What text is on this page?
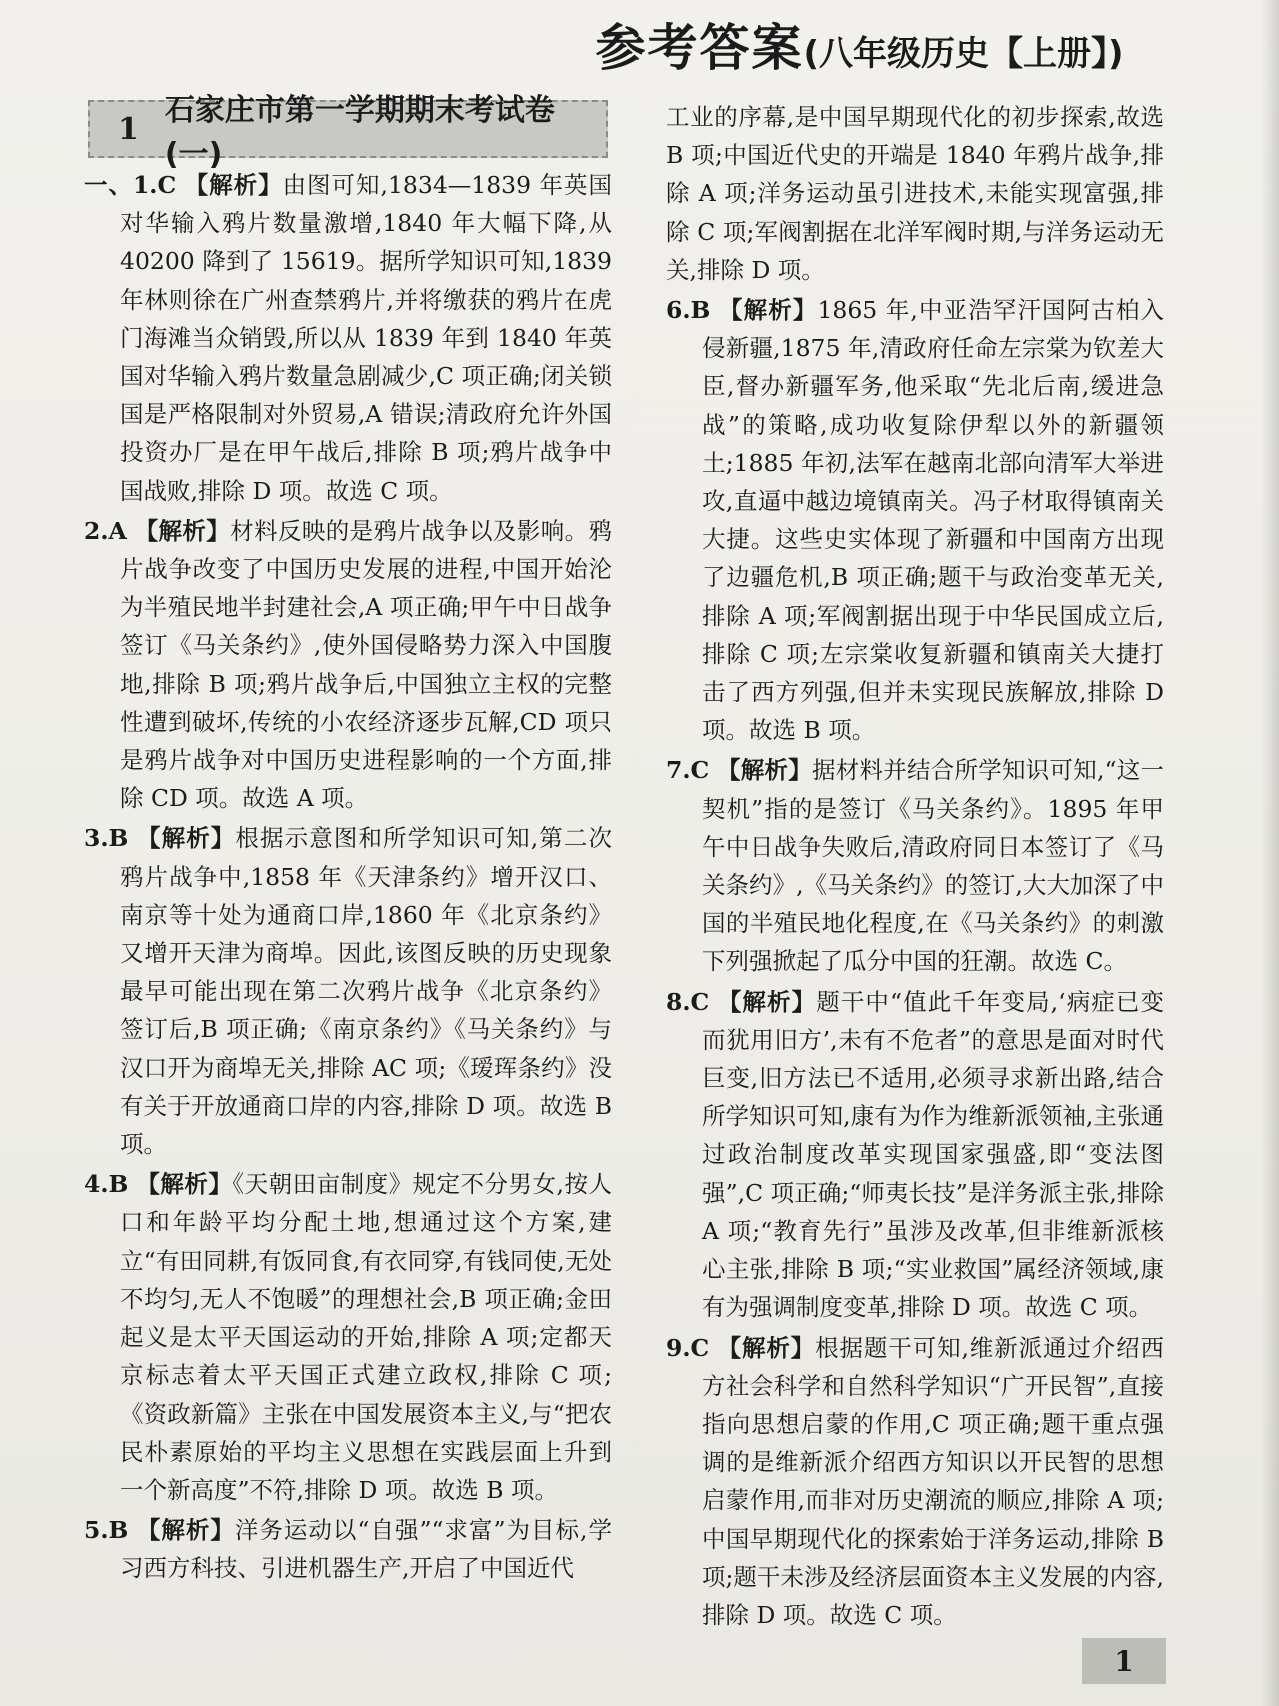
参考答案(八年级历史【上册】)
1
石家庄市第一学期期末考试卷(一)

一、1.C 【解析】由图可知,1834—1839 年英国对华输入鸦片数量激增,1840 年大幅下降,从 40200 降到了 15619。据所学知识可知,1839 年林则徐在广州查禁鸦片,并将缴获的鸦片在虎门海滩当众销毁,所以从 1839 年到 1840 年英国对华输入鸦片数量急剧减少,C 项正确;闭关锁国是严格限制对外贸易,A 错误;清政府允许外国投资办厂是在甲午战后,排除 B 项;鸦片战争中国战败,排除 D 项。故选 C 项。

2.A 【解析】材料反映的是鸦片战争以及影响。鸦片战争改变了中国历史发展的进程,中国开始沦为半殖民地半封建社会,A 项正确;甲午中日战争签订《马关条约》,使外国侵略势力深入中国腹地,排除 B 项;鸦片战争后,中国独立主权的完整性遭到破坏,传统的小农经济逐步瓦解,CD 项只是鸦片战争对中国历史进程影响的一个方面,排除 CD 项。故选 A 项。

3.B 【解析】根据示意图和所学知识可知,第二次鸦片战争中,1858 年《天津条约》增开汉口、南京等十处为通商口岸,1860 年《北京条约》又增开天津为商埠。因此,该图反映的历史现象最早可能出现在第二次鸦片战争《北京条约》签订后,B 项正确;《南京条约》《马关条约》与汉口开为商埠无关,排除 AC 项;《瑷珲条约》没有关于开放通商口岸的内容,排除 D 项。故选 B 项。

4.B 【解析】《天朝田亩制度》规定不分男女,按人口和年龄平均分配土地,想通过这个方案,建立“有田同耕,有饭同食,有衣同穿,有钱同使,无处不均匀,无人不饱暖”的理想社会,B 项正确;金田起义是太平天国运动的开始,排除 A 项;定都天京标志着太平天国正式建立政权,排除 C 项;《资政新篇》主张在中国发展资本主义,与“把农民朴素原始的平均主义思想在实践层面上升到一个新高度”不符,排除 D 项。故选 B 项。

5.B 【解析】洋务运动以“自强”“求富”为目标,学习西方科技、引进机器生产,开启了中国近代

工业的序幕,是中国早期现代化的初步探索,故选 B 项;中国近代史的开端是 1840 年鸦片战争,排除 A 项;洋务运动虽引进技术,未能实现富强,排除 C 项;军阀割据在北洋军阀时期,与洋务运动无关,排除 D 项。

6.B 【解析】1865 年,中亚浩罕汗国阿古柏入侵新疆,1875 年,清政府任命左宗棠为钦差大臣,督办新疆军务,他采取“先北后南,缓进急战”的策略,成功收复除伊犁以外的新疆领土;1885 年初,法军在越南北部向清军大举进攻,直逼中越边境镇南关。冯子材取得镇南关大捷。这些史实体现了新疆和中国南方出现了边疆危机,B 项正确;题干与政治变革无关,排除 A 项;军阀割据出现于中华民国成立后,排除 C 项;左宗棠收复新疆和镇南关大捷打击了西方列强,但并未实现民族解放,排除 D 项。故选 B 项。

7.C 【解析】据材料并结合所学知识可知,“这一契机”指的是签订《马关条约》。1895 年甲午中日战争失败后,清政府同日本签订了《马关条约》,《马关条约》的签订,大大加深了中国的半殖民地化程度,在《马关条约》的刺激下列强掀起了瓜分中国的狂潮。故选 C。

8.C 【解析】题干中“值此千年变局,‘病症已变而犹用旧方’,未有不危者”的意思是面对时代巨变,旧方法已不适用,必须寻求新出路,结合所学知识可知,康有为作为维新派领袖,主张通过政治制度改革实现国家强盛,即“变法图强”,C 项正确;“师夷长技”是洋务派主张,排除 A 项;“教育先行”虽涉及改革,但非维新派核心主张,排除 B 项;“实业救国”属经济领域,康有为强调制度变革,排除 D 项。故选 C 项。

9.C 【解析】根据题干可知,维新派通过介绍西方社会科学和自然科学知识“广开民智”,直接指向思想启蒙的作用,C 项正确;题干重点强调的是维新派介绍西方知识以开民智的思想启蒙作用,而非对历史潮流的顺应,排除 A 项;中国早期现代化的探索始于洋务运动,排除 B 项;题干未涉及经济层面资本主义发展的内容,排除 D 项。故选 C 项。

1
